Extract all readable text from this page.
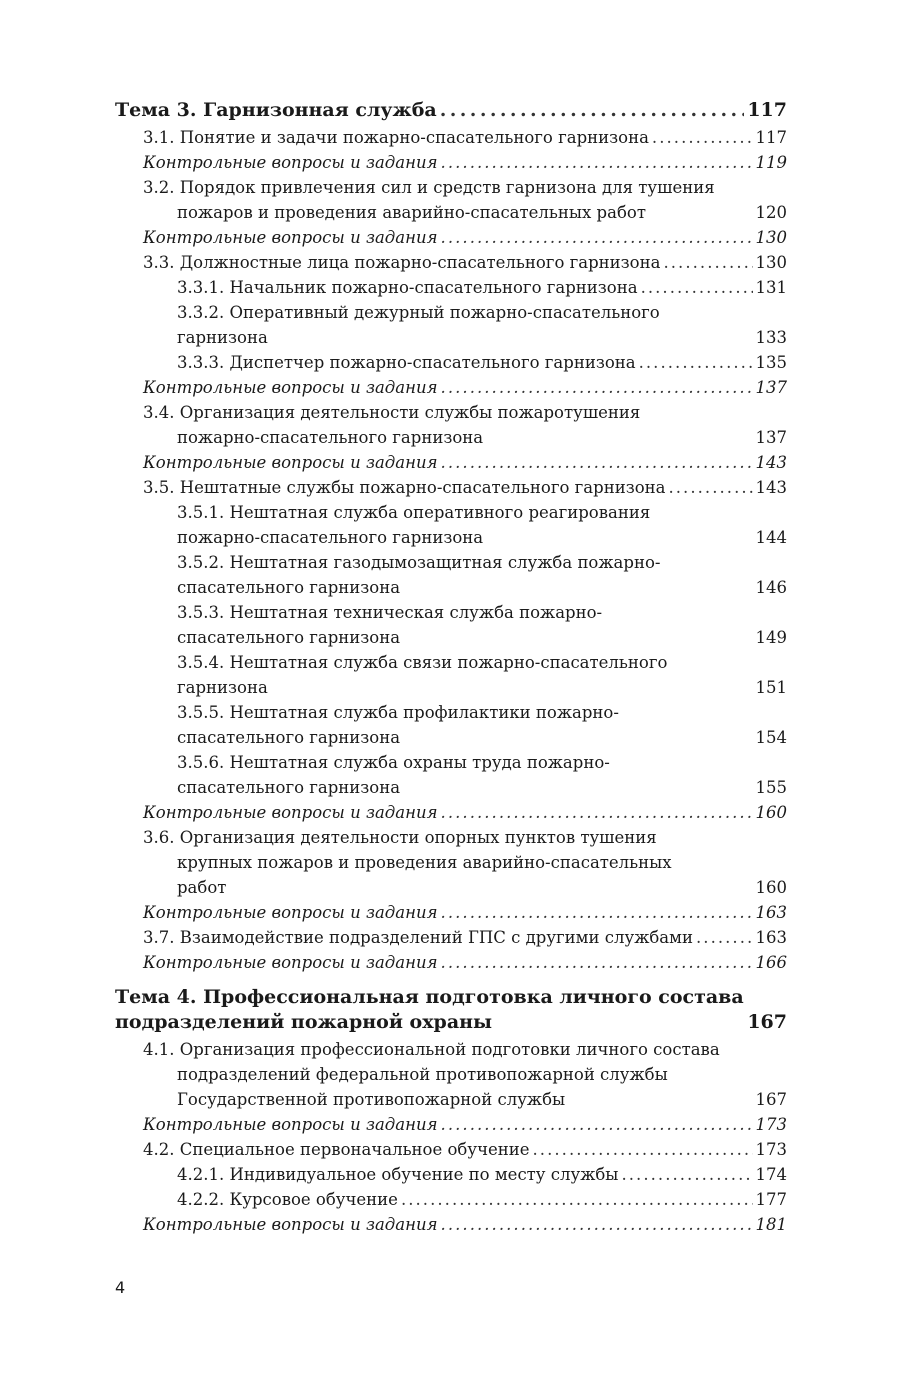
Тема 3. Гарнизонная служба . . .	117
3.1. Понятие и задачи пожарно-спасательного гарнизона . . .	117
Контрольные вопросы и задания . . .	119
3.2. Порядок привлечения сил и средств гарнизона для тушения
пожаров и проведения аварийно-спасательных работ	120
Контрольные вопросы и задания . . .	130
3.3. Должностные лица пожарно-спасательного гарнизона . . .	130
3.3.1. Начальник пожарно-спасательного гарнизона . . .	131
3.3.2. Оперативный дежурный пожарно-спасательного
гарнизона	133
3.3.3. Диспетчер пожарно-спасательного гарнизона . . .	135
Контрольные вопросы и задания . . .	137
3.4. Организация деятельности службы пожаротушения
пожарно-спасательного гарнизона	137
Контрольные вопросы и задания . . .	143
3.5. Нештатные службы пожарно-спасательного гарнизона . . .	143
3.5.1. Нештатная служба оперативного реагирования
пожарно-спасательного гарнизона	144
3.5.2. Нештатная газодымозащитная служба пожарно-
спасательного гарнизона	146
3.5.3. Нештатная техническая служба пожарно-
спасательного гарнизона	149
3.5.4. Нештатная служба связи пожарно-спасательного
гарнизона	151
3.5.5. Нештатная служба профилактики пожарно-
спасательного гарнизона	154
3.5.6. Нештатная служба охраны труда пожарно-
спасательного гарнизона	155
Контрольные вопросы и задания . . .	160
3.6. Организация деятельности опорных пунктов тушения
крупных пожаров и проведения аварийно-спасательных
работ	160
Контрольные вопросы и задания . . .	163
3.7. Взаимодействие подразделений ГПС с другими службами . . .	163
Контрольные вопросы и задания . . .	166
Тема 4. Профессиональная подготовка личного состава
подразделений пожарной охраны	167
4.1. Организация профессиональной подготовки личного состава
подразделений федеральной противопожарной службы
Государственной противопожарной службы	167
Контрольные вопросы и задания . . .	173
4.2. Специальное первоначальное обучение . . .	173
4.2.1. Индивидуальное обучение по месту службы . . .	174
4.2.2. Курсовое обучение . . .	177
Контрольные вопросы и задания . . .	181
4
